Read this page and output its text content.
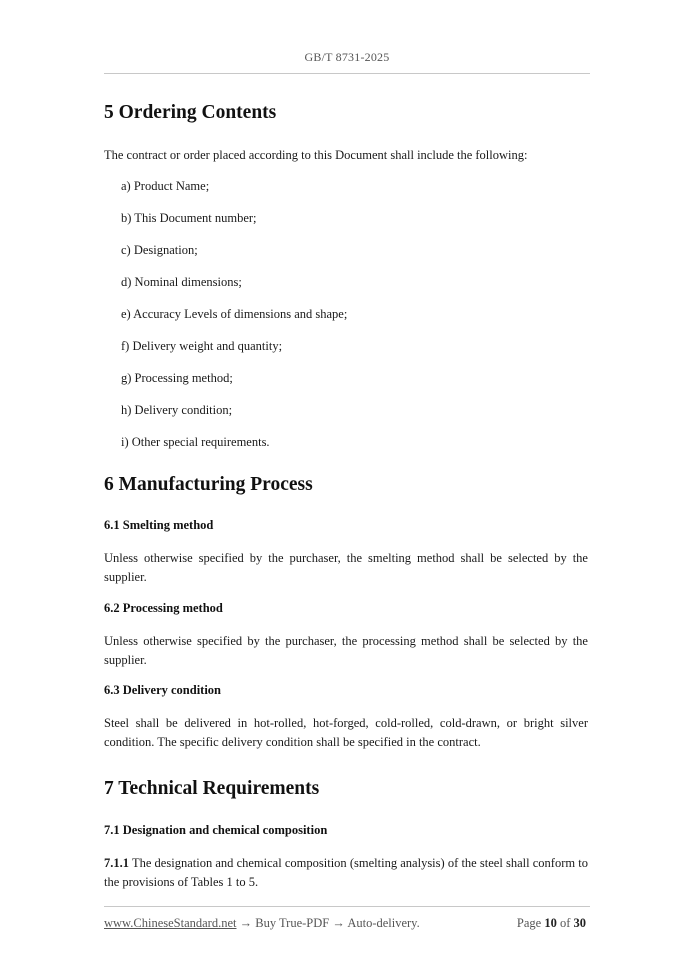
GB/T 8731-2025
5 Ordering Contents
The contract or order placed according to this Document shall include the following:
a) Product Name;
b) This Document number;
c) Designation;
d) Nominal dimensions;
e) Accuracy Levels of dimensions and shape;
f) Delivery weight and quantity;
g) Processing method;
h) Delivery condition;
i) Other special requirements.
6 Manufacturing Process
6.1 Smelting method
Unless otherwise specified by the purchaser, the smelting method shall be selected by the supplier.
6.2 Processing method
Unless otherwise specified by the purchaser, the processing method shall be selected by the supplier.
6.3 Delivery condition
Steel shall be delivered in hot-rolled, hot-forged, cold-rolled, cold-drawn, or bright silver condition. The specific delivery condition shall be specified in the contract.
7 Technical Requirements
7.1 Designation and chemical composition
7.1.1 The designation and chemical composition (smelting analysis) of the steel shall conform to the provisions of Tables 1 to 5.
www.ChineseStandard.net → Buy True-PDF → Auto-delivery.	Page 10 of 30
